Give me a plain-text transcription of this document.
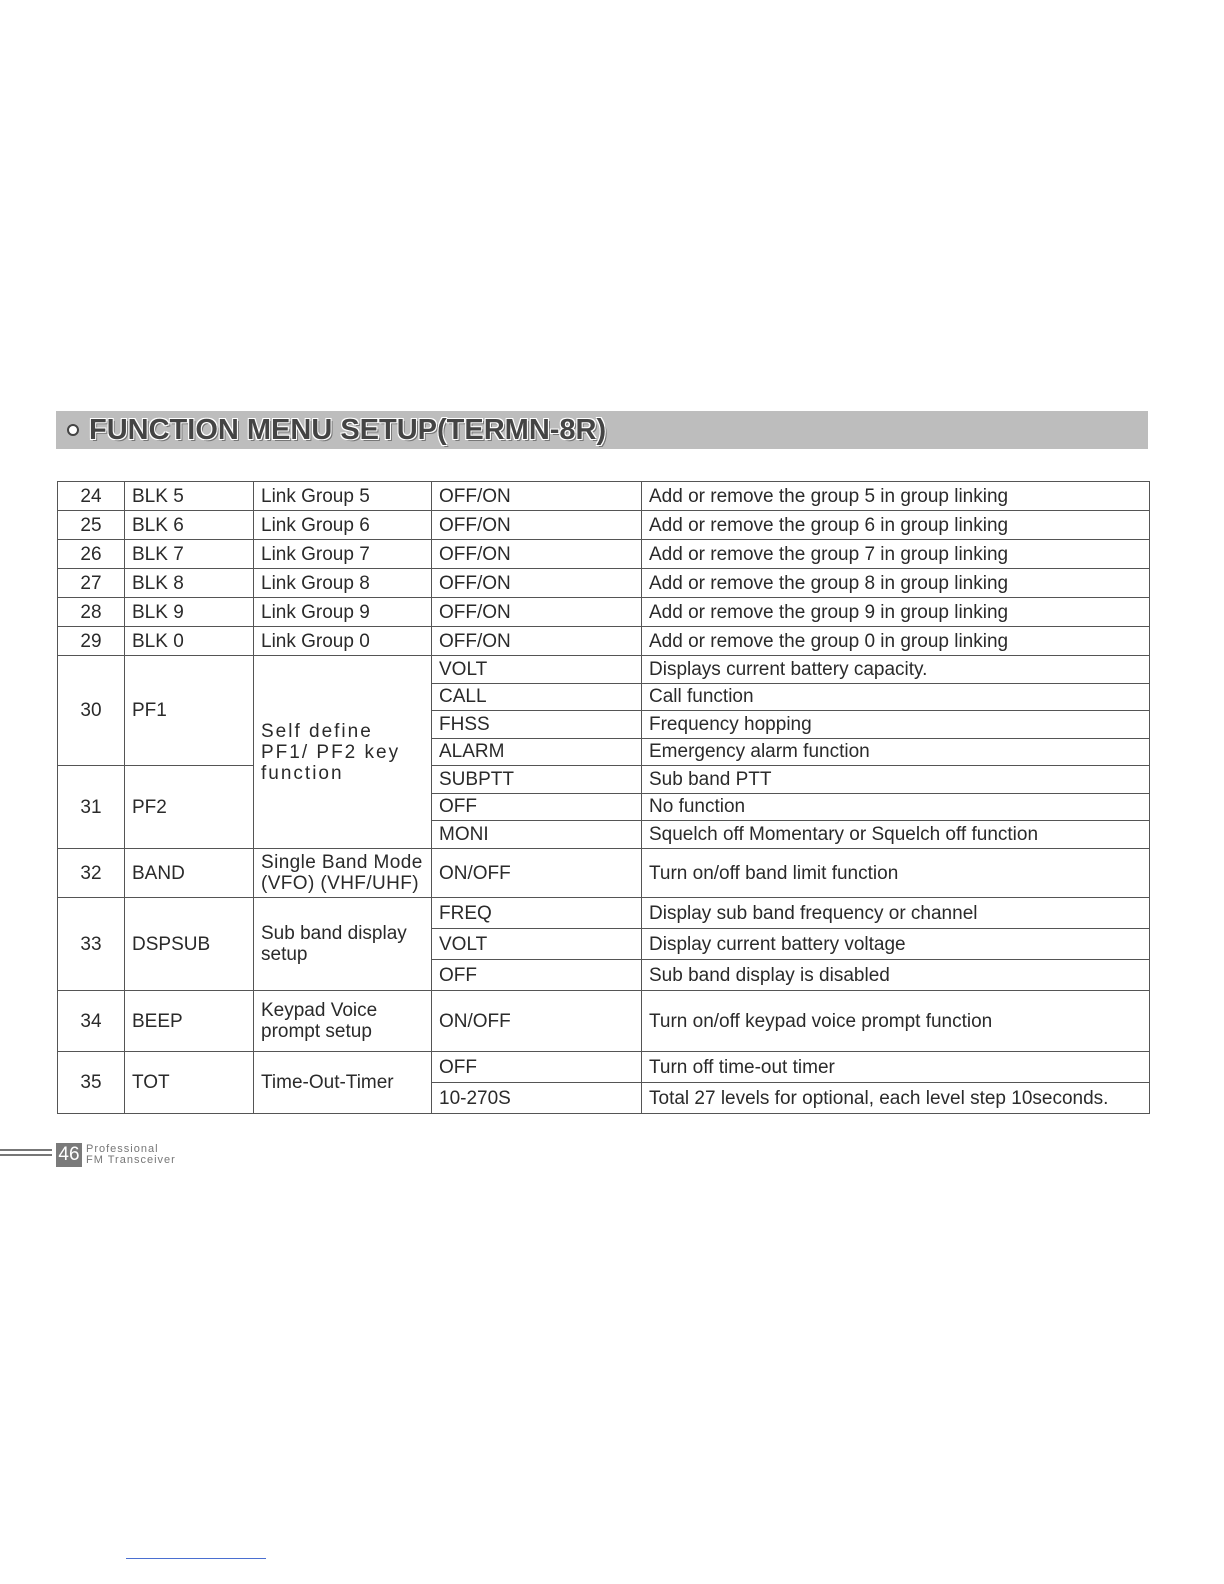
FUNCTION MENU SETUP(TERMN-8R)
24	BLK 5	Link Group 5	OFF/ON	Add or remove the group 5 in group linking
25	BLK 6	Link Group 6	OFF/ON	Add or remove the group 6 in group linking
26	BLK 7	Link Group 7	OFF/ON	Add or remove the group 7 in group linking
27	BLK 8	Link Group 8	OFF/ON	Add or remove the group 8 in group linking
28	BLK 9	Link Group 9	OFF/ON	Add or remove the group 9 in group linking
29	BLK 0	Link Group 0	OFF/ON	Add or remove the group 0 in group linking
30	PF1	Self define PF1/ PF2 key function	VOLT	Displays current battery capacity.
			CALL	Call function
			FHSS	Frequency hopping
			ALARM	Emergency alarm function
31	PF2		SUBPTT	Sub band PTT
			OFF	No function
			MONI	Squelch off Momentary or Squelch off function
32	BAND	Single Band Mode (VFO) (VHF/UHF)	ON/OFF	Turn on/off band limit function
33	DSPSUB	Sub band display setup	FREQ	Display sub band frequency or channel
			VOLT	Display current battery voltage
			OFF	Sub band display is disabled
34	BEEP	Keypad Voice prompt setup	ON/OFF	Turn on/off keypad voice prompt function
35	TOT	Time-Out-Timer	OFF	Turn off time-out timer
			10-270S	Total 27 levels for optional, each level step 10seconds.
46 Professional
FM Transceiver
